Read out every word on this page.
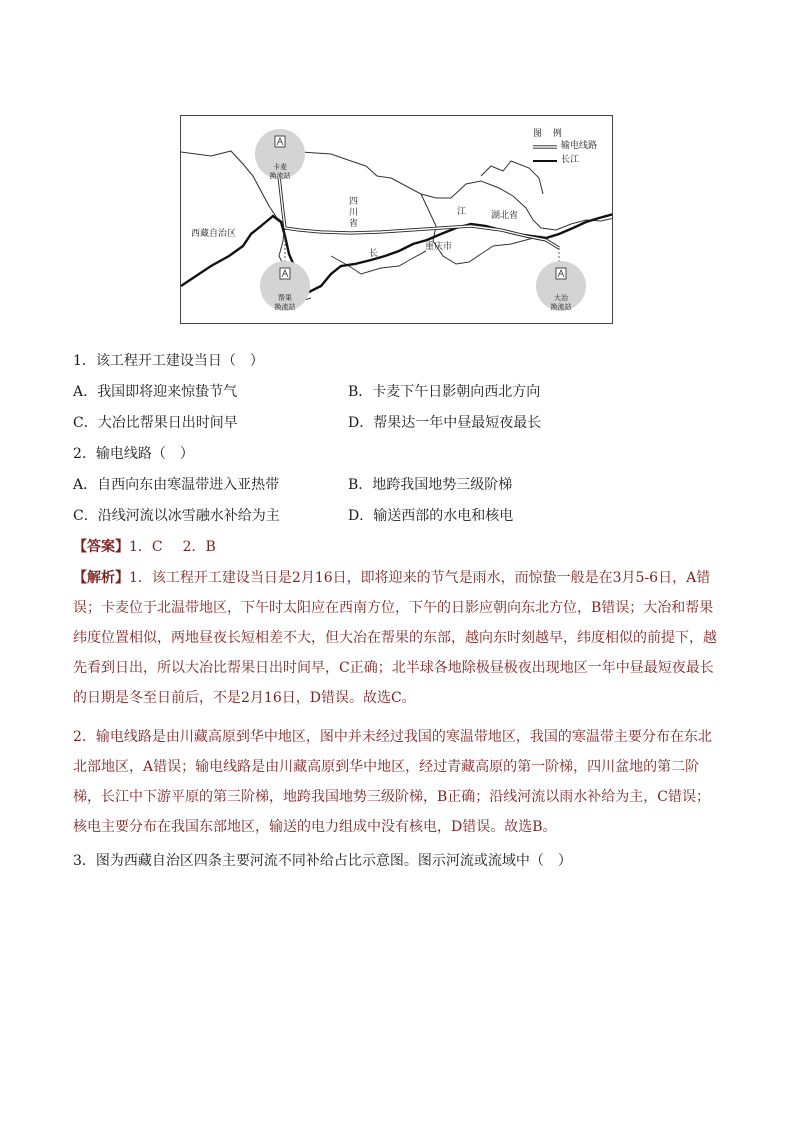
图 例
输电线路
长江
西藏自治区
四川省	湖北省
重庆市
江
长
卡麦
换流站
帮果
换流站
大冶
换流站
1．该工程开工建设当日（　）
A．我国即将迎来惊蛰节气	B．卡麦下午日影朝向西北方向
C．大冶比帮果日出时间早	D．帮果达一年中昼最短夜最长
2．输电线路（　）
A．自西向东由寒温带进入亚热带	B．地跨我国地势三级阶梯
C．沿线河流以冰雪融水补给为主	D．输送西部的水电和核电
【答案】1．C 2．B

【解析】1．该工程开工建设当日是2月16日，即将迎来的节气是雨水，而惊蛰一般是在3月5-6日，A错误；卡麦位于北温带地区，下午时太阳应在西南方位，下午的日影应朝向东北方位，B错误；大冶和帮果纬度位置相似，两地昼夜长短相差不大，但大冶在帮果的东部，越向东时刻越早，纬度相似的前提下，越先看到日出，所以大冶比帮果日出时间早，C正确；北半球各地除极昼极夜出现地区一年中昼最短夜最长的日期是冬至日前后，不是2月16日，D错误。故选C。

2．输电线路是由川藏高原到华中地区，图中并未经过我国的寒温带地区，我国的寒温带主要分布在东北北部地区，A错误；输电线路是由川藏高原到华中地区，经过青藏高原的第一阶梯，四川盆地的第二阶梯，长江中下游平原的第三阶梯，地跨我国地势三级阶梯，B正确；沿线河流以雨水补给为主，C错误；核电主要分布在我国东部地区，输送的电力组成中没有核电，D错误。故选B。

3．图为西藏自治区四条主要河流不同补给占比示意图。图示河流或流域中（　）
